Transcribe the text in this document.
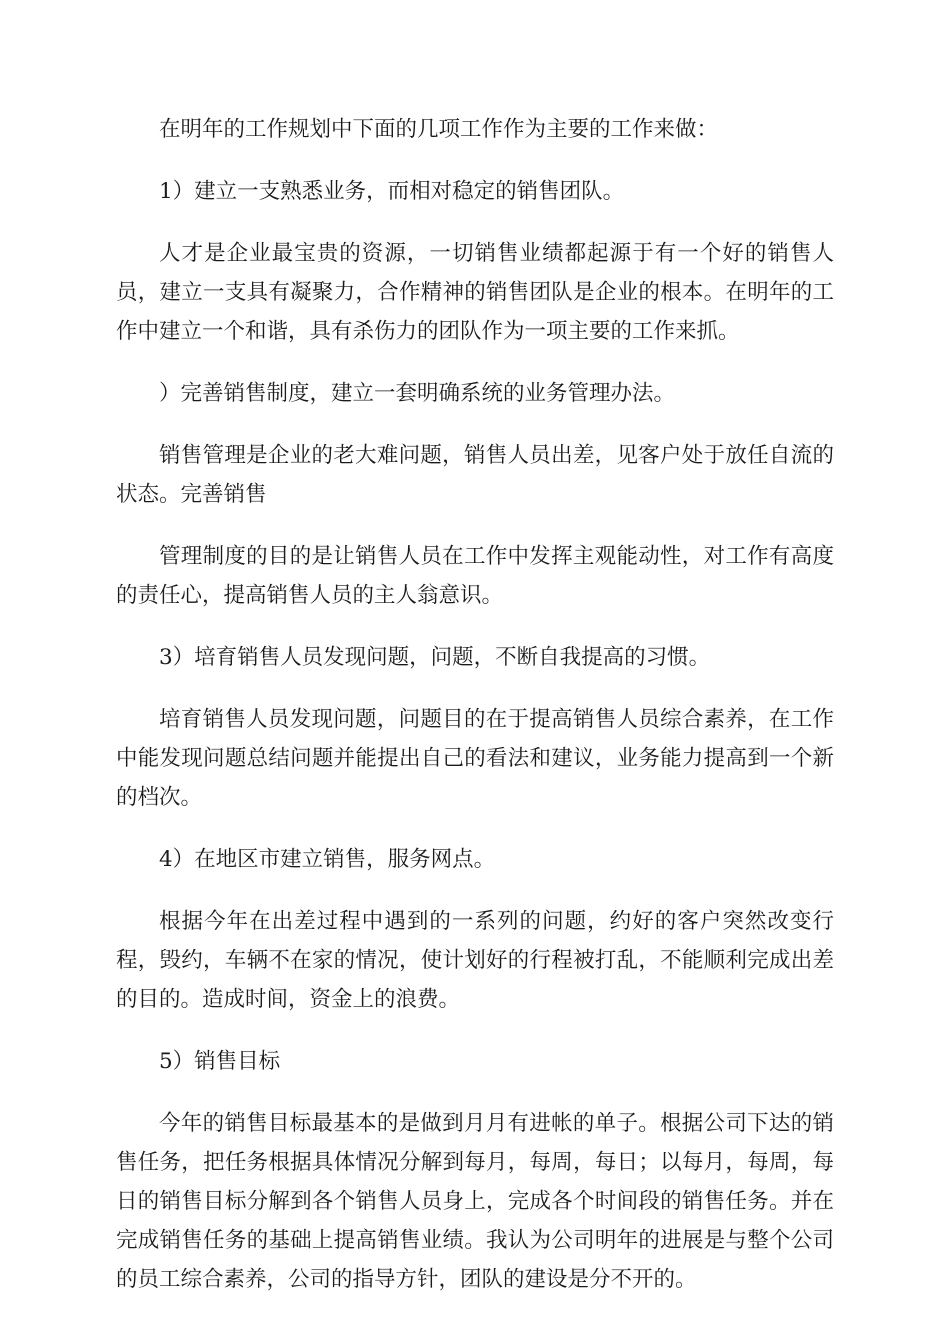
在明年的工作规划中下面的几项工作作为主要的工作来做：

1）建立一支熟悉业务，而相对稳定的销售团队。

人才是企业最宝贵的资源，一切销售业绩都起源于有一个好的销售人员，建立一支具有凝聚力，合作精神的销售团队是企业的根本。在明年的工作中建立一个和谐，具有杀伤力的团队作为一项主要的工作来抓。

）完善销售制度，建立一套明确系统的业务管理办法。

销售管理是企业的老大难问题，销售人员出差，见客户处于放任自流的状态。完善销售

管理制度的目的是让销售人员在工作中发挥主观能动性，对工作有高度的责任心，提高销售人员的主人翁意识。

3）培育销售人员发现问题，问题，不断自我提高的习惯。

培育销售人员发现问题，问题目的在于提高销售人员综合素养，在工作中能发现问题总结问题并能提出自己的看法和建议，业务能力提高到一个新的档次。

4）在地区市建立销售，服务网点。

根据今年在出差过程中遇到的一系列的问题，约好的客户突然改变行程，毁约，车辆不在家的情况，使计划好的行程被打乱，不能顺利完成出差的目的。造成时间，资金上的浪费。

5）销售目标

今年的销售目标最基本的是做到月月有进帐的单子。根据公司下达的销售任务，把任务根据具体情况分解到每月，每周，每日；以每月，每周，每日的销售目标分解到各个销售人员身上，完成各个时间段的销售任务。并在完成销售任务的基础上提高销售业绩。我认为公司明年的进展是与整个公司的员工综合素养，公司的指导方针，团队的建设是分不开的。
